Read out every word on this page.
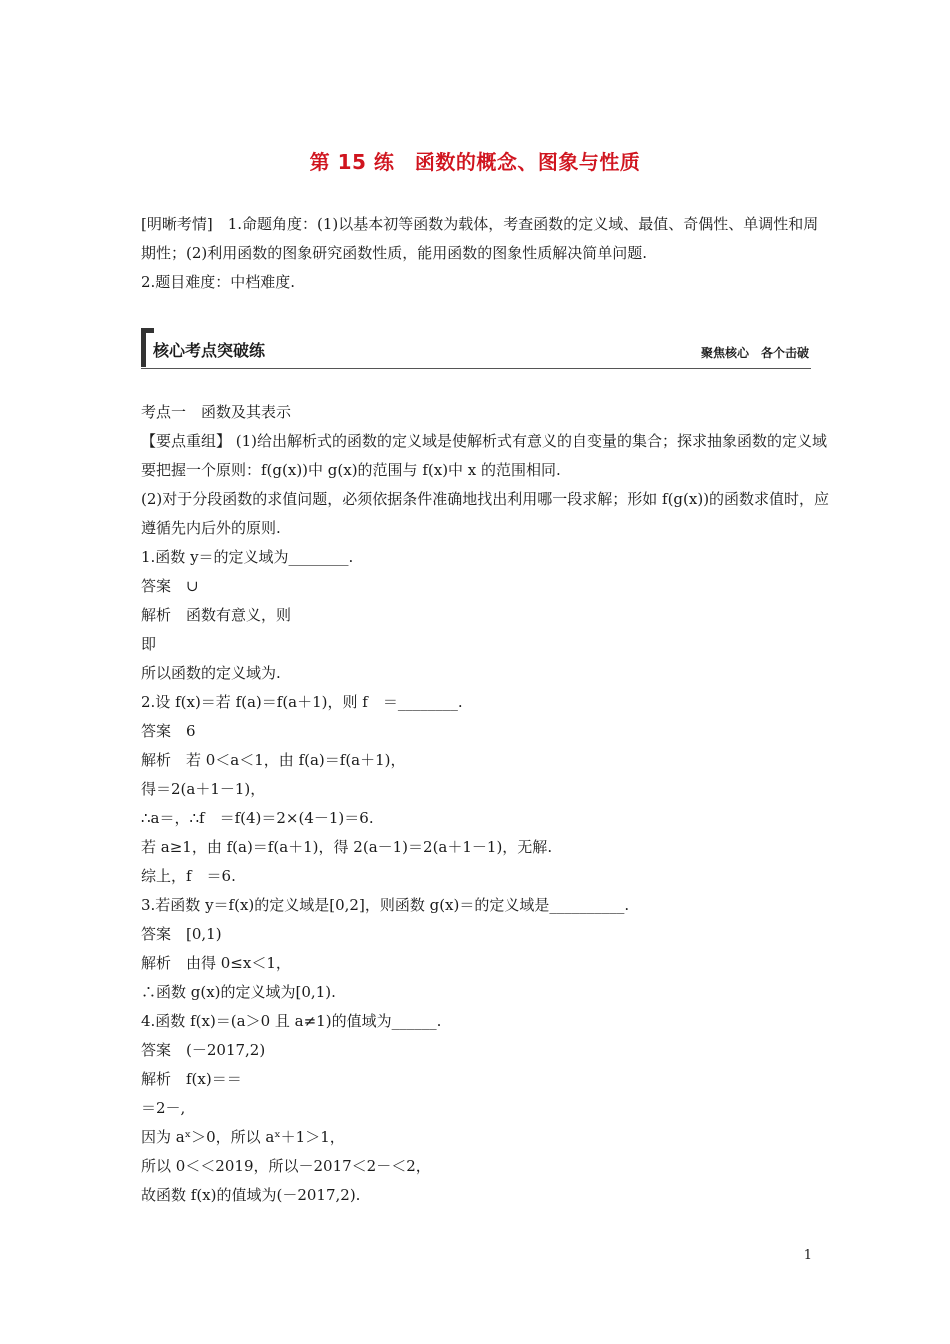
第 15 练　函数的概念、图象与性质

[明晰考情]　1.命题角度：(1)以基本初等函数为载体，考查函数的定义域、最值、奇偶性、单调性和周期性；(2)利用函数的图象研究函数性质，能用函数的图象性质解决简单问题.

2.题目难度：中档难度.

核心考点突破练	聚焦核心　各个击破

考点一　函数及其表示

【要点重组】 (1)给出解析式的函数的定义域是使解析式有意义的自变量的集合；探求抽象函数的定义域要把握一个原则：f(g(x))中 g(x)的范围与 f(x)中 x 的范围相同.

(2)对于分段函数的求值问题，必须依据条件准确地找出利用哪一段求解；形如 f(g(x))的函数求值时，应遵循先内后外的原则.

1.函数 y＝的定义域为________.

答案　∪

解析　函数有意义，则

即

所以函数的定义域为.

2.设 f(x)＝若 f(a)＝f(a＋1)，则 f　＝________.

答案　6

解析　若 0＜a＜1，由 f(a)＝f(a＋1)，

得＝2(a＋1－1)，

∴a＝，∴f　＝f(4)＝2×(4－1)＝6.

若 a≥1，由 f(a)＝f(a＋1)，得 2(a－1)＝2(a＋1－1)，无解.

综上，f　＝6.

3.若函数 y＝f(x)的定义域是[0,2]，则函数 g(x)＝的定义域是__________.

答案　[0,1)

解析　由得 0≤x＜1，

∴函数 g(x)的定义域为[0,1).

4.函数 f(x)＝(a＞0 且 a≠1)的值域为______.

答案　(－2017,2)

解析　f(x)＝＝

＝2－,

因为 aˣ＞0，所以 aˣ＋1＞1，

所以 0＜＜2019，所以－2017＜2－＜2，

故函数 f(x)的值域为(－2017,2).

1
